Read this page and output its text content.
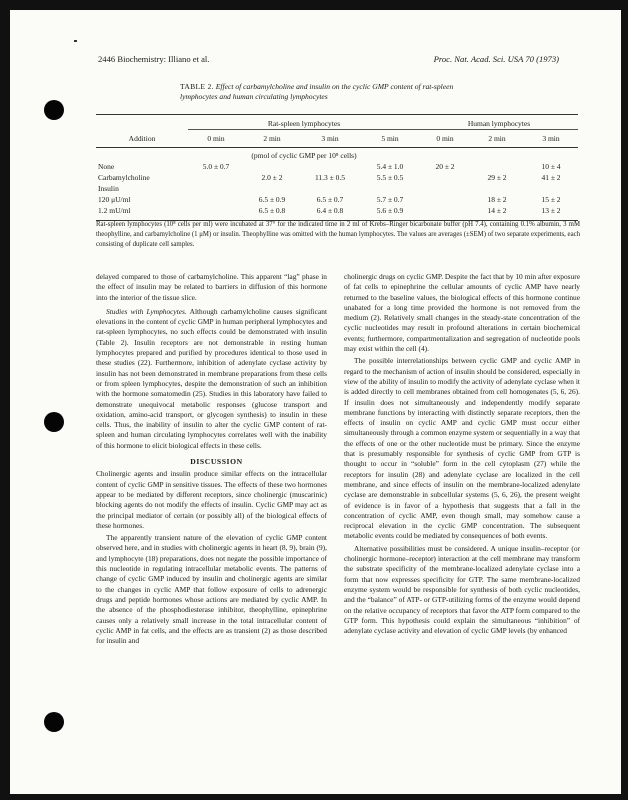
2446 Biochemistry: Illiano et al.	Proc. Nat. Acad. Sci. USA 70 (1973)
TABLE 2. Effect of carbamylcholine and insulin on the cyclic GMP content of rat-spleen lymphocytes and human circulating lymphocytes
	Rat-spleen lymphocytes				Human lymphocytes		
Addition	0 min	2 min	3 min	5 min	0 min	2 min	3 min
	(pmol of cyclic GMP per 10⁸ cells)						
None	5.0 ± 0.7			5.4 ± 1.0	20 ± 2		10 ± 4
Carbamylcholine		2.0 ± 2	11.3 ± 0.5	5.5 ± 0.5		29 ± 2	41 ± 2
Insulin							
120 μU/ml		6.5 ± 0.9	6.5 ± 0.7	5.7 ± 0.7		18 ± 2	15 ± 2
1.2 mU/ml		6.5 ± 0.8	6.4 ± 0.8	5.6 ± 0.9		14 ± 2	13 ± 2
Rat-spleen lymphocytes (10⁸ cells per ml) were incubated at 37° for the indicated time in 2 ml of Krebs–Ringer bicarbonate buffer (pH 7.4), containing 0.1% albumin, 3 mM theophylline, and carbamylcholine (1 μM) or insulin. Theophylline was omitted with the human lymphocytes. The values are averages (±SEM) of two separate experiments, each consisting of duplicate cell samples.

delayed compared to those of carbamylcholine. This apparent “lag” phase in the effect of insulin may be related to barriers in diffusion of this hormone into the interior of the tissue slice.

Studies with Lymphocytes. Although carbamylcholine causes significant elevations in the content of cyclic GMP in human peripheral lymphocytes and rat-spleen lymphocytes, no such effects could be demonstrated with insulin (Table 2). Insulin receptors are not demonstrable in resting human lymphocytes prepared and purified by procedures identical to those used in these studies (22). Furthermore, inhibition of adenylate cyclase activity by insulin has not been demonstrated in membrane preparations from these cells or from spleen lymphocytes, despite the demonstration of such an inhibition with the hormone somatomedin (25). Studies in this laboratory have failed to demonstrate unequivocal metabolic responses (glucose transport and oxidation, amino-acid transport, or glycogen synthesis) to insulin in these cells. Thus, the inability of insulin to alter the cyclic GMP content of rat-spleen and human circulating lymphocytes correlates well with the inability of this hormone to elicit biological effects in these cells.

DISCUSSION

Cholinergic agents and insulin produce similar effects on the intracellular content of cyclic GMP in sensitive tissues. The effects of these two hormones appear to be mediated by different receptors, since cholinergic (muscarinic) blocking agents do not modify the effects of insulin. Cyclic GMP may act as the principal mediator of certain (or possibly all) of the biological effects of these hormones.

The apparently transient nature of the elevation of cyclic GMP content observed here, and in studies with cholinergic agents in heart (8, 9), brain (9), and lymphocyte (18) preparations, does not negate the possible importance of this nucleotide in regulating intracellular metabolic events. The patterns of change of cyclic GMP induced by insulin and cholinergic agents are similar to the changes in cyclic AMP that follow exposure of cells to adrenergic drugs and peptide hormones whose actions are mediated by cyclic AMP. In the absence of the phosphodiesterase inhibitor, theophylline, epinephrine causes only a relatively small increase in the total intracellular content of cyclic AMP in fat cells, and the effects are as transient (2) as those described for insulin and

cholinergic drugs on cyclic GMP. Despite the fact that by 10 min after exposure of fat cells to epinephrine the cellular amounts of cyclic AMP have nearly returned to the baseline values, the biological effects of this hormone continue unabated for a long time provided the hormone is not removed from the medium (2). Relatively small changes in the steady-state concentration of the cyclic nucleotides may result in profound alterations in certain biochemical events; furthermore, compartmentalization and segregation of nucleotide pools may exist within the cell (4).

The possible interrelationships between cyclic GMP and cyclic AMP in regard to the mechanism of action of insulin should be considered, especially in view of the ability of insulin to modify the activity of adenylate cyclase when it is added directly to cell membranes obtained from cell homogenates (5, 6, 26). If insulin does not simultaneously and independently modify separate membrane functions by interacting with distinctly separate receptors, then the effects of insulin on cyclic AMP and cyclic GMP must occur either simultaneously through a common enzyme system or sequentially in a way that the effects of one or the other nucleotide must be primary. Since the enzyme that is presumably responsible for synthesis of cyclic GMP from GTP is thought to occur in “soluble” form in the cell cytoplasm (27) while the receptors for insulin (28) and adenylate cyclase are localized in the cell membrane, and since effects of insulin on the membrane-localized adenylate cyclase are demonstrable in subcellular systems (5, 6, 26), the present weight of evidence is in favor of a hypothesis that suggests that a fall in the concentration of cyclic AMP, even though small, may somehow cause a reciprocal elevation in the cyclic GMP concentration. The subsequent metabolic events could be mediated by consequences of both events.

Alternative possibilities must be considered. A unique insulin–receptor (or cholinergic hormone–receptor) interaction at the cell membrane may transform the substrate specificity of the membrane-localized adenylate cyclase into a form that now expresses specificity for GTP. The same membrane-localized enzyme system would be responsible for synthesis of both cyclic nucleotides, and the “balance” of ATP- or GTP-utilizing forms of the enzyme would depend on the relative occupancy of receptors that favor the ATP form compared to the GTP form. This hypothesis could explain the simultaneous “inhibition” of adenylate cyclase activity and elevation of cyclic GMP levels (by enhanced
